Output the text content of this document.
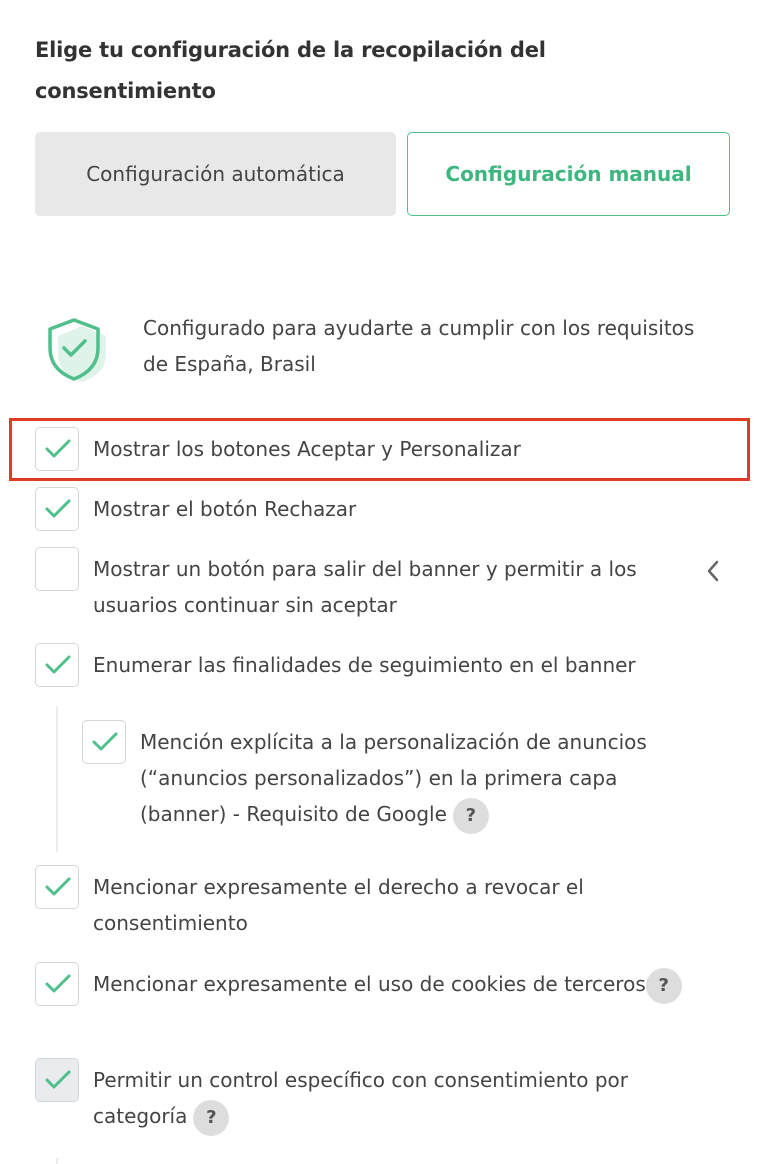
Elige tu configuración de la recopilación del consentimiento
Configuración automática	Configuración manual
Configurado para ayudarte a cumplir con los requisitos de España, Brasil
Mostrar los botones Aceptar y Personalizar
Mostrar el botón Rechazar
Mostrar un botón para salir del banner y permitir a los usuarios continuar sin aceptar
Enumerar las finalidades de seguimiento en el banner
Mención explícita a la personalización de anuncios (“anuncios personalizados”) en la primera capa (banner) - Requisito de Google ?
Mencionar expresamente el derecho a revocar el consentimiento
Mencionar expresamente el uso de cookies de terceros ?
Permitir un control específico con consentimiento por categoría ?
